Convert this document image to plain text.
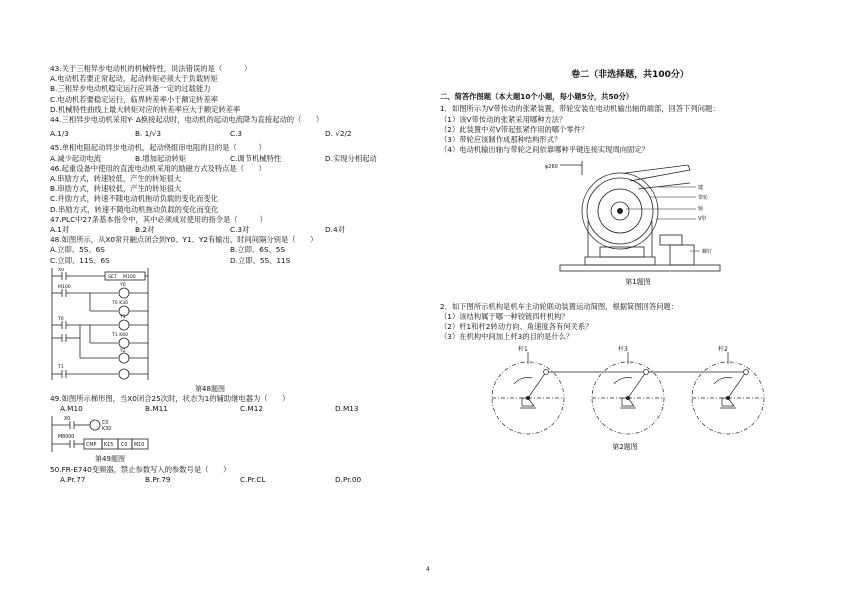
43.关于三相异步电动机的机械特性，说法错误的是（　　　）
A.电动机若要正常起动，起动转矩必须大于负载转矩
B.三相异步电动机稳定运行应具备一定的过载能力
C.电动机若要稳定运行，临界转差率小于额定转差率
D.机械特性曲线上最大转矩对应的转差率应大于额定转差率
44.三相异步电动机采用Y- Δ换接起动时，电动机的起动电流降为直接起动的（　　）
A.1/3	B. 1/√3	C.3	D. √2/2
45.单相电阻起动异步电动机，起动绕组串电阻的目的是（　　　）
A.减少起动电流	B.增加起动转矩	C.调节机械特性	D.实现分相起动
46.起重设备中使用的直流电动机采用的励磁方式及特点是（　　）
A.串励方式，转速较低，产生的转矩很大
B.串励方式，转速较低，产生的转矩很大
C.并励方式，转速不随电动机拖动负载的变化而变化
D.串励方式，转速不随电动机拖动负载的变化而变化
47.PLC中27条基本指令中，其中必须成对使用的指令是（　　　）
A.1对	B.2对	C.3对	D.4对
48.如图所示，从X0常开触点闭合到Y0、Y1、Y2有输出，时间间隔分别是（　　）
A.立即、5S、6S	B.立即、6S、5S
C.立即、11S、6S	D.立即、5S、11S
X0
SET M100
M100	Y0
T0 K30
T0	Y1
T1 K60
Y2
T1
第48题图
49.如图所示梯形图，当X0闭合25次时，状态为1的辅助继电器为（　　）
A.M10	B.M11	C.M12	D.M13
X0
C0
K30
M8000
CMP K15 C0 M10
第49题图
50.FR-E740变频器，禁止参数写入的参数号是（　　）
A.Pr.77	B.Pr.79	C.Pr.CL	D.Pr.00
卷二（非选择题，共100分）
二、简答作图题（本大题10个小题，每小题5分，共50分）
1．如图所示为V带传动的张紧装置，带轮安装在电动机输出轴的端部，回答下列问题：
（1）该V带传动的张紧采用哪种方法？
（2）此装置中对V带起张紧作用的哪个零件？
（3）带轮应该制作成那种结构形式？
（4）电动机输出轴与带轮之间依靠哪种平键连接实现周向固定？
φ260
键
带轮
轴
V带
螺钉
第1题图
2．如下图所示机构是机车主动轮联动装置运动简图，根据简图回答问题：
（1）该结构属于哪一种铰链四杆机构？
（2）杆1和杆2转动方向、角速度各有何关系？
（3）在机构中间加上杆3的目的是什么？
杆1	杆3	杆2
第2题图
4
